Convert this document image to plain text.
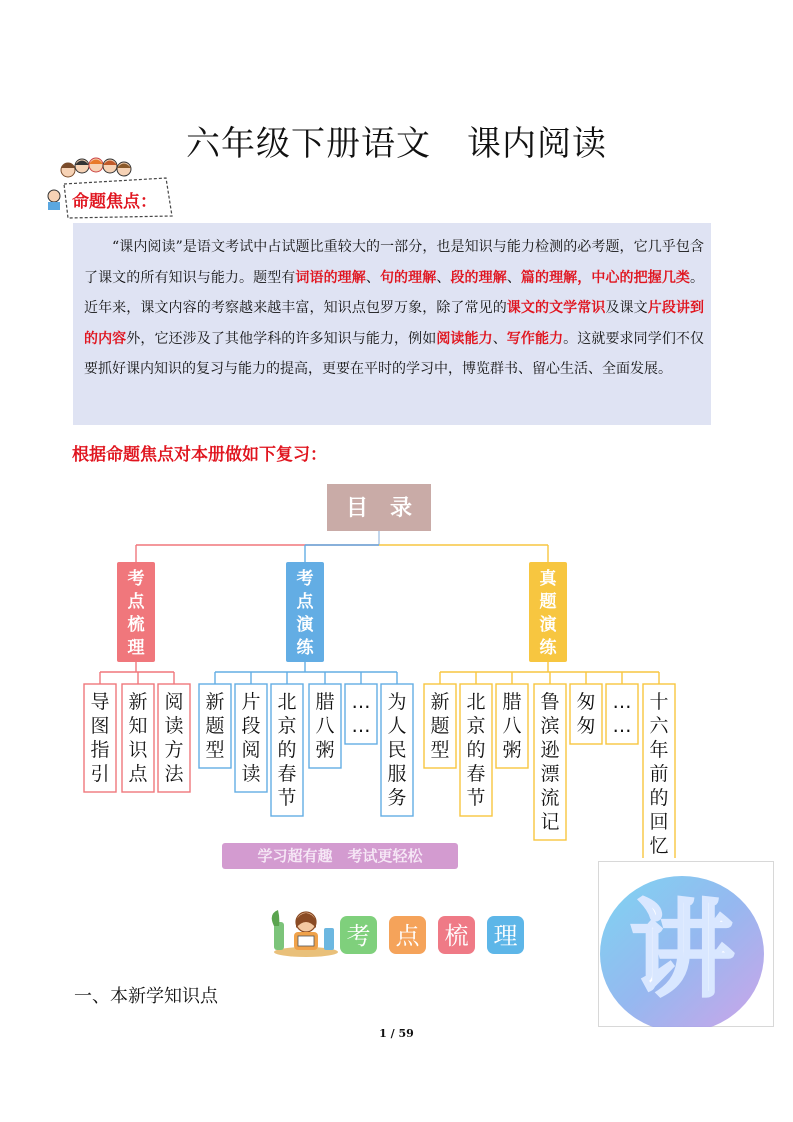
六年级下册语文 课内阅读
命题焦点：
“课内阅读”是语文考试中占试题比重较大的一部分，也是知识与能力检测的必考题，它几乎包含了课文的所有知识与能力。题型有词语的理解、句的理解、段的理解、篇的理解，中心的把握几类。近年来，课文内容的考察越来越丰富，知识点包罗万象，除了常见的课文的文学常识及课文片段讲到的内容外，它还涉及了其他学科的许多知识与能力，例如阅读能力、写作能力。这就要求同学们不仅要抓好课内知识的复习与能力的提高，更要在平时的学习中，博览群书、留心生活、全面发展。
根据命题焦点对本册做如下复习：
目　录
考
点
梳
理
导
图
指
引
新
知
识
点
阅
读
方
法
考
点
演
练
新
题
型
片
段
阅
读
北
京
的
春
节
腊
八
粥
…
…
为
人
民
服
务
真
题
演
练
新
题
型
北
京
的
春
节
腊
八
粥
鲁
滨
逊
漂
流
记
匆
匆
…
…
十
六
年
前
的
回
忆
学习超有趣　考试更轻松
讲
考 点 梳 理
一、本新学知识点
1 / 59
